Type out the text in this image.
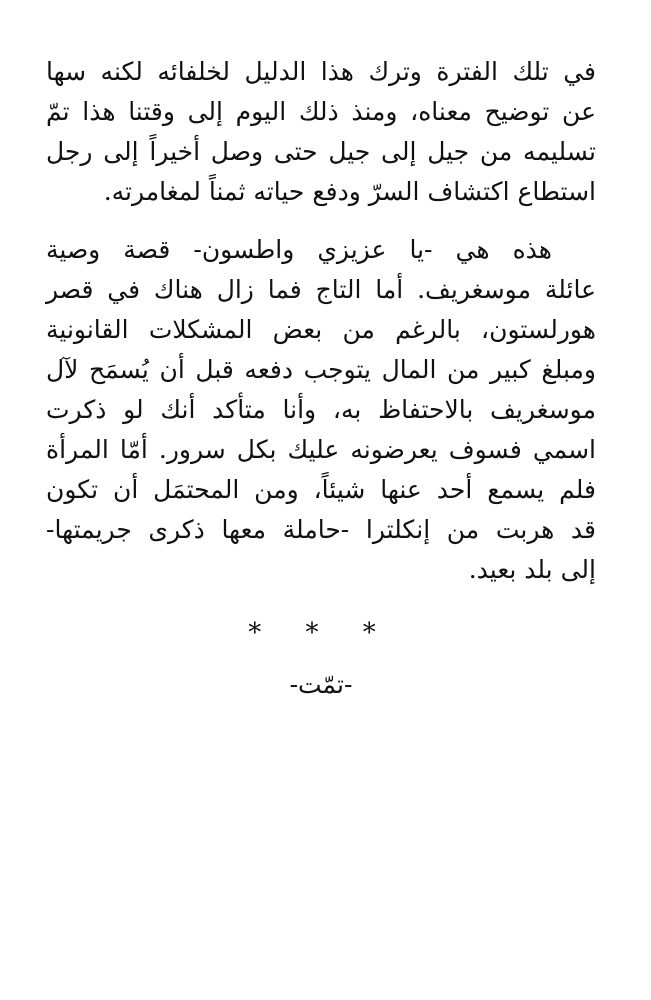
في تلك الفترة وترك هذا الدليل لخلفائه لكنه سها
عن توضيح معناه، ومنذ ذلك اليوم إلى وقتنا هذا تمّ
تسليمه من جيل إلى جيل حتى وصل أخيراً إلى رجل
استطاع اكتشاف السرّ ودفع حياته ثمناً لمغامرته.

هذه هي -يا عزيزي واطسون- قصة وصية
عائلة موسغريف. أما التاج فما زال هناك في قصر
هورلستون، بالرغم من بعض المشكلات القانونية
ومبلغ كبير من المال يتوجب دفعه قبل أن يُسمَح لآل
موسغريف بالاحتفاظ به، وأنا متأكد أنك لو ذكرت
اسمي فسوف يعرضونه عليك بكل سرور. أمّا المرأة
فلم يسمع أحد عنها شيئاً، ومن المحتمَل أن تكون
قد هربت من إنكلترا -حاملة معها ذكرى جريمتها-
إلى بلد بعيد.

* * *
-تمّت-
